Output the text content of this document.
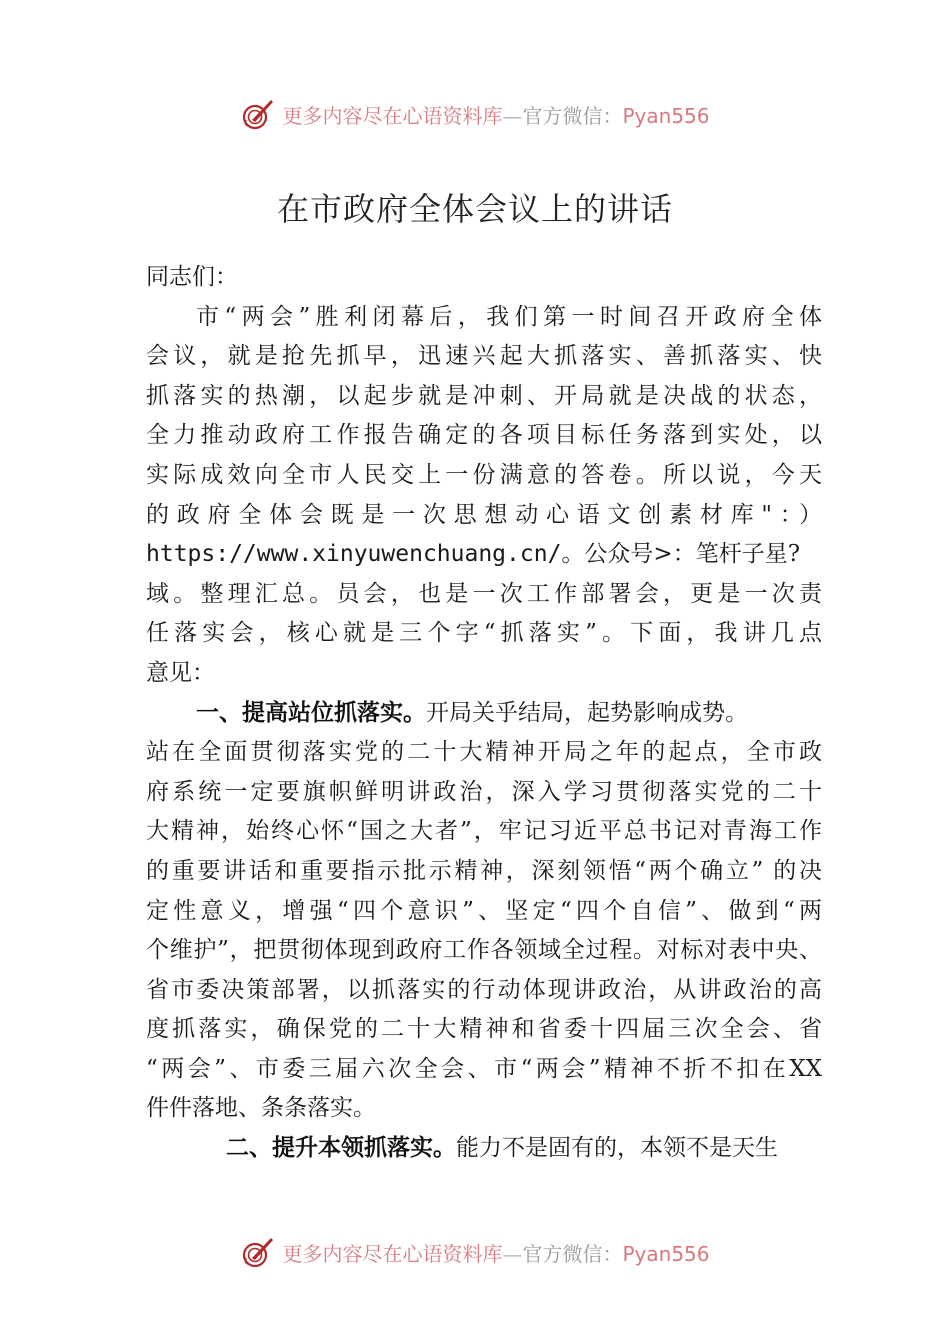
更多内容尽在心语资料库—官方微信：Pyan556
在市政府全体会议上的讲话
同志们：
市“两会”胜利闭幕后，我们第一时间召开政府全体
会议，就是抢先抓早，迅速兴起大抓落实、善抓落实、快
抓落实的热潮，以起步就是冲刺、开局就是决战的状态，
全力推动政府工作报告确定的各项目标任务落到实处，以
实际成效向全市人民交上一份满意的答卷。所以说，今天
的政府全体会既是一次思想动心语文创素材库"：）
https://www.xinyuwenchuang.cn/。公众号>：笔杆子星?
域。整理汇总。员会，也是一次工作部署会，更是一次责
任落实会，核心就是三个字“抓落实”。下面，我讲几点
意见：
一、提高站位抓落实。开局关乎结局，起势影响成势。
站在全面贯彻落实党的二十大精神开局之年的起点，全市政
府系统一定要旗帜鲜明讲政治，深入学习贯彻落实党的二十
大精神，始终心怀“国之大者”，牢记习近平总书记对青海工作
的重要讲话和重要指示批示精神，深刻领悟“两个确立” 的决
定性意义，增强“四个意识”、坚定“四个自信”、做到“两
个维护”，把贯彻体现到政府工作各领域全过程。对标对表中央、
省市委决策部署，以抓落实的行动体现讲政治，从讲政治的高
度抓落实，确保党的二十大精神和省委十四届三次全会、省
“两会”、市委三届六次全会、市“两会”精神不折不扣在XX
件件落地、条条落实。
二、提升本领抓落实。能力不是固有的，本领不是天生
更多内容尽在心语资料库—官方微信：Pyan556
